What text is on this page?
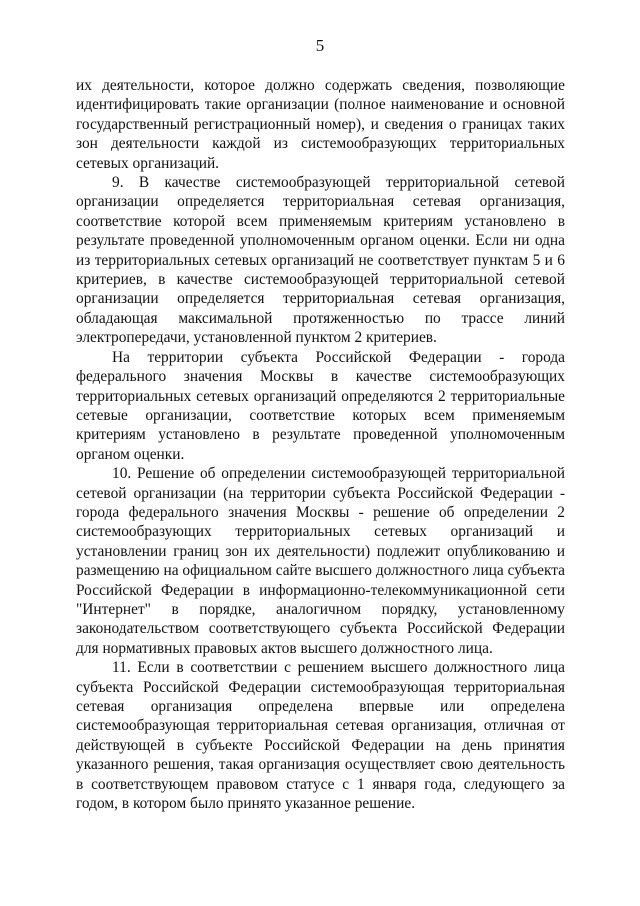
5

их деятельности, которое должно содержать сведения, позволяющие идентифицировать такие организации (полное наименование и основной государственный регистрационный номер), и сведения о границах таких зон деятельности каждой из системообразующих территориальных сетевых организаций.

9. В качестве системообразующей территориальной сетевой организации определяется территориальная сетевая организация, соответствие которой всем применяемым критериям установлено в результате проведенной уполномоченным органом оценки. Если ни одна из территориальных сетевых организаций не соответствует пунктам 5 и 6 критериев, в качестве системообразующей территориальной сетевой организации определяется территориальная сетевая организация, обладающая максимальной протяженностью по трассе линий электропередачи, установленной пунктом 2 критериев.

На территории субъекта Российской Федерации - города федерального значения Москвы в качестве системообразующих территориальных сетевых организаций определяются 2 территориальные сетевые организации, соответствие которых всем применяемым критериям установлено в результате проведенной уполномоченным органом оценки.

10. Решение об определении системообразующей территориальной сетевой организации (на территории субъекта Российской Федерации - города федерального значения Москвы - решение об определении 2 системообразующих территориальных сетевых организаций и установлении границ зон их деятельности) подлежит опубликованию и размещению на официальном сайте высшего должностного лица субъекта Российской Федерации в информационно-телекоммуникационной сети "Интернет" в порядке, аналогичном порядку, установленному законодательством соответствующего субъекта Российской Федерации для нормативных правовых актов высшего должностного лица.

11. Если в соответствии с решением высшего должностного лица субъекта Российской Федерации системообразующая территориальная сетевая организация определена впервые или определена системообразующая территориальная сетевая организация, отличная от действующей в субъекте Российской Федерации на день принятия указанного решения, такая организация осуществляет свою деятельность в соответствующем правовом статусе с 1 января года, следующего за годом, в котором было принято указанное решение.
